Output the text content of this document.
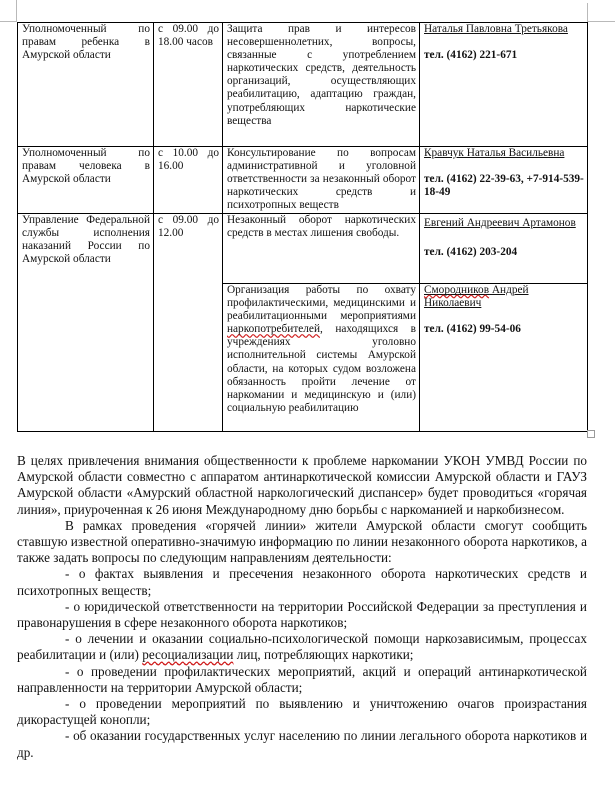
Уполномоченный по правам ребенка в Амурской области	с 09.00 до 18.00 часов	Защита прав и интересов несовершеннолетних, вопросы, связанные с употреблением наркотических средств, деятельность организаций, осуществляющих реабилитацию, адаптацию граждан, употребляющих наркотические вещества	Наталья Павловна Третьякова
тел. (4162) 221-671

Уполномоченный по правам человека в Амурской области	с 10.00 до 16.00	Консультирование по вопросам административной и уголовной ответственности за незаконный оборот наркотических средств и психотропных веществ	Кравчук Наталья Васильевна
тел. (4162) 22-39-63, +7-914-539-18-49

Управление Федеральной службы исполнения наказаний России по Амурской области	с 09.00 до 12.00	Незаконный оборот наркотических средств в местах лишения свободы.	Евгений Андреевич Артамонов
тел. (4162) 203-204

		Организация работы по охвату профилактическими, медицинскими и реабилитационными мероприятиями наркопотребителей, находящихся в учреждениях уголовно исполнительной системы Амурской области, на которых судом возложена обязанность пройти лечение от наркомании и медицинскую и (или) социальную реабилитацию	Смородников Андрей Николаевич
тел. (4162) 99-54-06

В целях привлечения внимания общественности к проблеме наркомании УКОН УМВД России по Амурской области совместно с аппаратом антинаркотической комиссии Амурской области и ГАУЗ Амурской области «Амурский областной наркологический диспансер» будет проводиться «горячая линия», приуроченная к 26 июня Международному дню борьбы с наркоманией и наркобизнесом.

В рамках проведения «горячей линии» жители Амурской области смогут сообщить ставшую известной оперативно-значимую информацию по линии незаконного оборота наркотиков, а также задать вопросы по следующим направлениям деятельности:

- о фактах выявления и пресечения незаконного оборота наркотических средств и психотропных веществ;

- о юридической ответственности на территории Российской Федерации за преступления и правонарушения в сфере незаконного оборота наркотиков;

- о лечении и оказании социально-психологической помощи наркозависимым, процессах реабилитации и (или) ресоциализации лиц, потребляющих наркотики;

- о проведении профилактических мероприятий, акций и операций антинаркотической направленности на территории Амурской области;

- о проведении мероприятий по выявлению и уничтожению очагов произрастания дикорастущей конопли;

- об оказании государственных услуг населению по линии легального оборота наркотиков и др.
